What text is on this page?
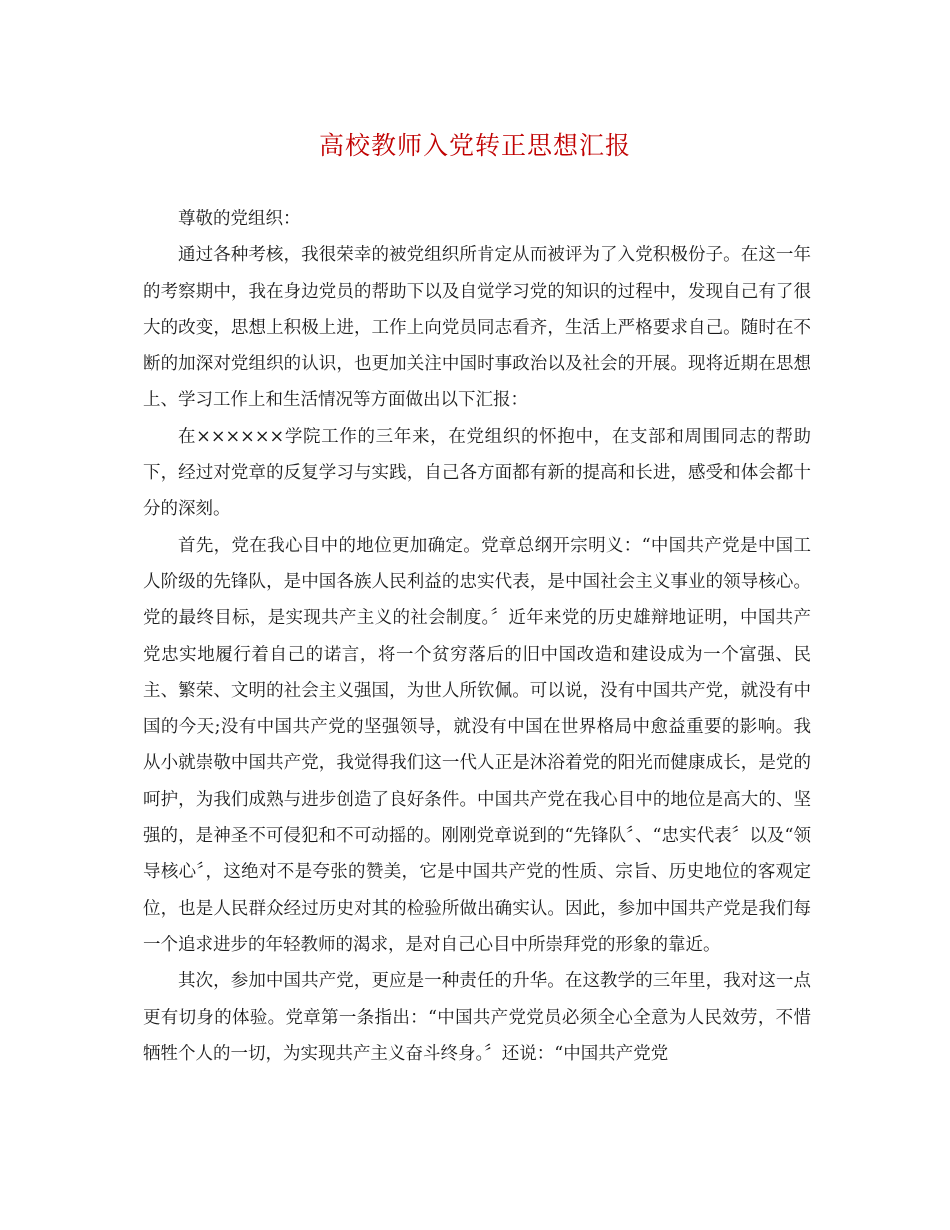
高校教师入党转正思想汇报

尊敬的党组织：

通过各种考核，我很荣幸的被党组织所肯定从而被评为了入党积极份子。在这一年的考察期中，我在身边党员的帮助下以及自觉学习党的知识的过程中，发现自己有了很大的改变，思想上积极上进，工作上向党员同志看齐，生活上严格要求自己。随时在不断的加深对党组织的认识，也更加关注中国时事政治以及社会的开展。现将近期在思想上、学习工作上和生活情况等方面做出以下汇报：

在××××××学院工作的三年来，在党组织的怀抱中，在支部和周围同志的帮助下，经过对党章的反复学习与实践，自己各方面都有新的提高和长进，感受和体会都十分的深刻。

首先，党在我心目中的地位更加确定。党章总纲开宗明义：“中国共产党是中国工人阶级的先锋队，是中国各族人民利益的忠实代表，是中国社会主义事业的领导核心。党的最终目标，是实现共产主义的社会制度。〞近年来党的历史雄辩地证明，中国共产党忠实地履行着自己的诺言，将一个贫穷落后的旧中国改造和建设成为一个富强、民主、繁荣、文明的社会主义强国，为世人所钦佩。可以说，没有中国共产党，就没有中国的今天;没有中国共产党的坚强领导，就没有中国在世界格局中愈益重要的影响。我从小就崇敬中国共产党，我觉得我们这一代人正是沐浴着党的阳光而健康成长，是党的呵护，为我们成熟与进步创造了良好条件。中国共产党在我心目中的地位是高大的、坚强的，是神圣不可侵犯和不可动摇的。刚刚党章说到的“先锋队〞、“忠实代表〞以及“领导核心〞，这绝对不是夸张的赞美，它是中国共产党的性质、宗旨、历史地位的客观定位，也是人民群众经过历史对其的检验所做出确实认。因此，参加中国共产党是我们每一个追求进步的年轻教师的渴求，是对自己心目中所崇拜党的形象的靠近。

其次，参加中国共产党，更应是一种责任的升华。在这教学的三年里，我对这一点更有切身的体验。党章第一条指出：“中国共产党党员必须全心全意为人民效劳，不惜牺牲个人的一切，为实现共产主义奋斗终身。〞还说：“中国共产党党
